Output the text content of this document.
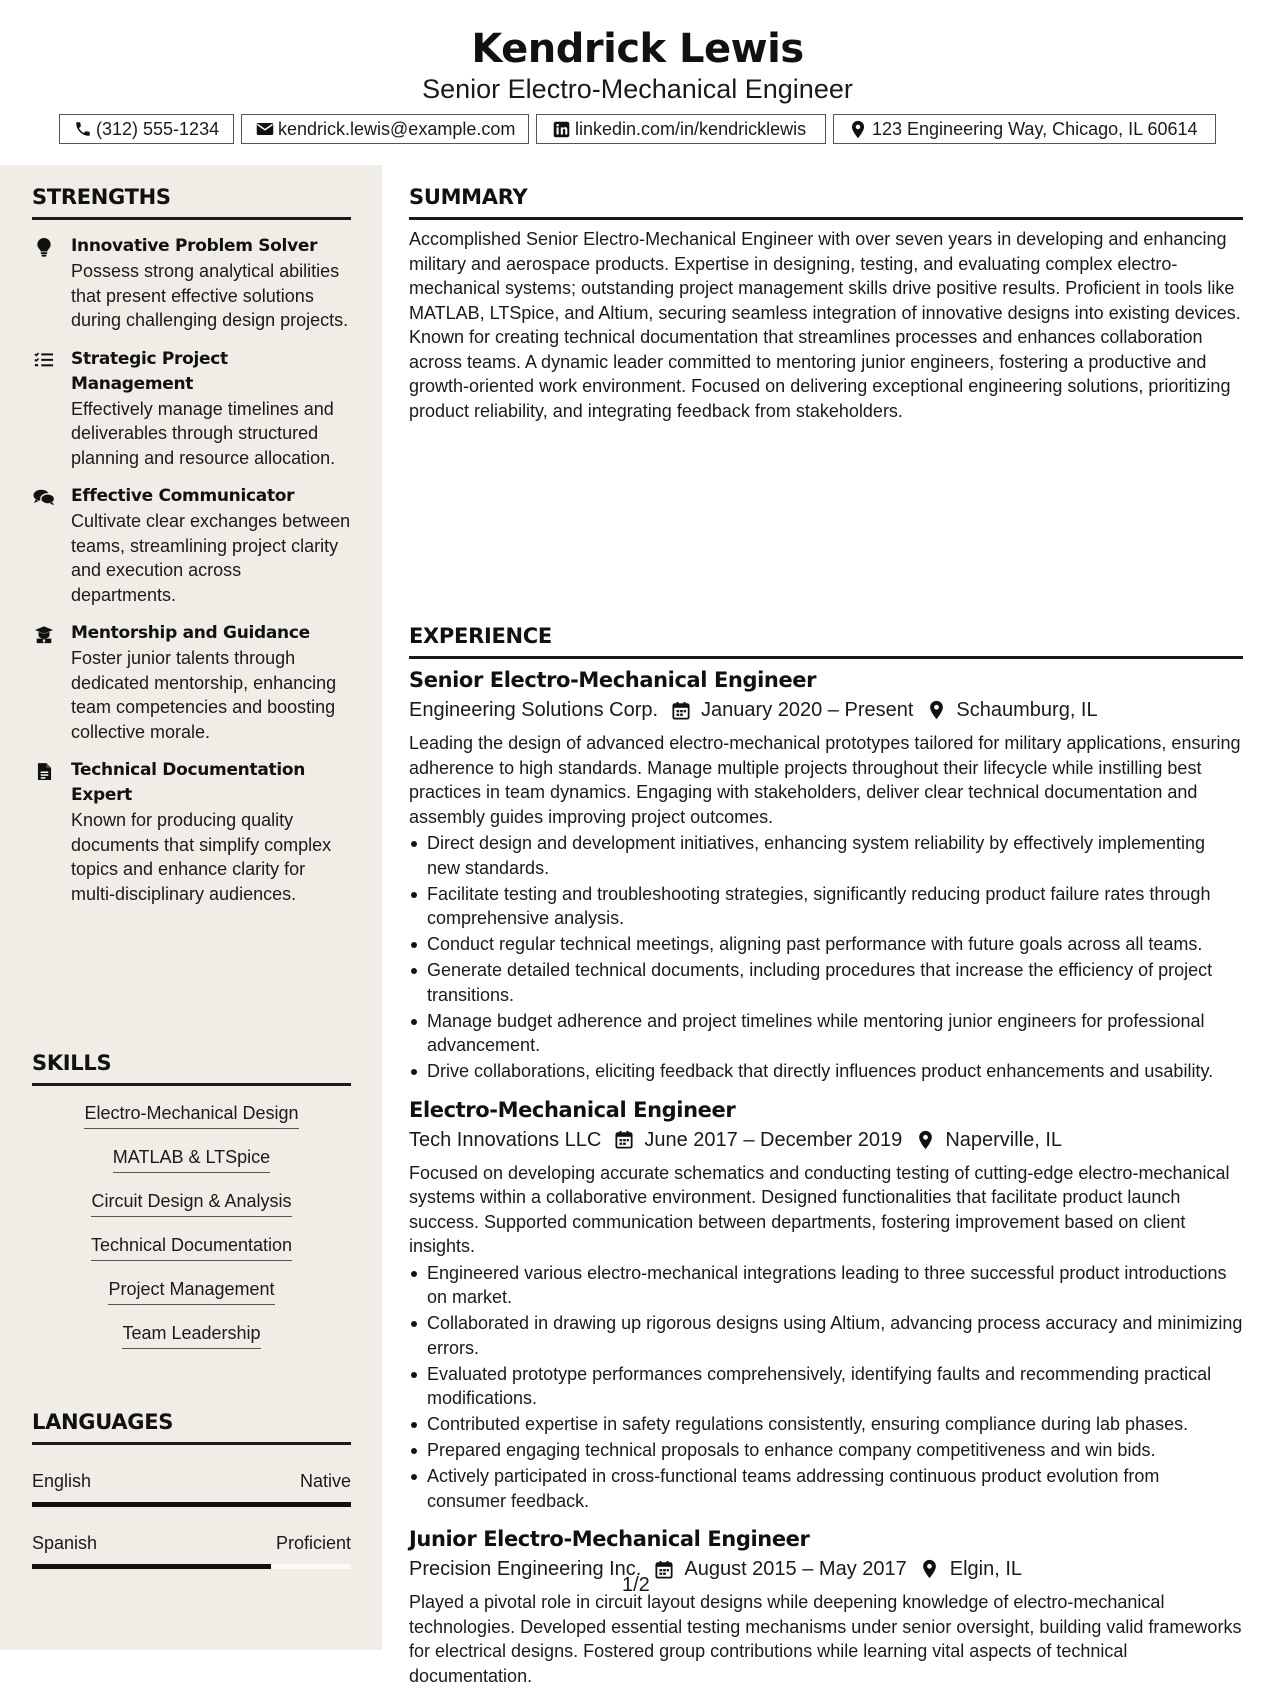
Kendrick Lewis
Senior Electro-Mechanical Engineer
(312) 555-1234	kendrick.lewis@example.com	linkedin.com/in/kendricklewis	123 Engineering Way, Chicago, IL 60614
STRENGTHS
Innovative Problem Solver
Possess strong analytical abilities that present effective solutions during challenging design projects.
Strategic Project Management
Effectively manage timelines and deliverables through structured planning and resource allocation.
Effective Communicator
Cultivate clear exchanges between teams, streamlining project clarity and execution across departments.
Mentorship and Guidance
Foster junior talents through dedicated mentorship, enhancing team competencies and boosting collective morale.
Technical Documentation Expert
Known for producing quality documents that simplify complex topics and enhance clarity for multi-disciplinary audiences.
SKILLS
Electro-Mechanical Design
MATLAB & LTSpice
Circuit Design & Analysis
Technical Documentation
Project Management
Team Leadership
LANGUAGES
English	Native
Spanish	Proficient
SUMMARY

Accomplished Senior Electro-Mechanical Engineer with over seven years in developing and enhancing military and aerospace products. Expertise in designing, testing, and evaluating complex electro-mechanical systems; outstanding project management skills drive positive results. Proficient in tools like MATLAB, LTSpice, and Altium, securing seamless integration of innovative designs into existing devices. Known for creating technical documentation that streamlines processes and enhances collaboration across teams. A dynamic leader committed to mentoring junior engineers, fostering a productive and growth-oriented work environment. Focused on delivering exceptional engineering solutions, prioritizing product reliability, and integrating feedback from stakeholders.

EXPERIENCE
Senior Electro-Mechanical Engineer
Engineering Solutions Corp. January 2020 – Present Schaumburg, IL
Leading the design of advanced electro-mechanical prototypes tailored for military applications, ensuring adherence to high standards. Manage multiple projects throughout their lifecycle while instilling best practices in team dynamics. Engaging with stakeholders, deliver clear technical documentation and assembly guides improving project outcomes.
Direct design and development initiatives, enhancing system reliability by effectively implementing new standards.
Facilitate testing and troubleshooting strategies, significantly reducing product failure rates through comprehensive analysis.
Conduct regular technical meetings, aligning past performance with future goals across all teams.
Generate detailed technical documents, including procedures that increase the efficiency of project transitions.
Manage budget adherence and project timelines while mentoring junior engineers for professional advancement.
Drive collaborations, eliciting feedback that directly influences product enhancements and usability.
Electro-Mechanical Engineer
Tech Innovations LLC June 2017 – December 2019 Naperville, IL
Focused on developing accurate schematics and conducting testing of cutting-edge electro-mechanical systems within a collaborative environment. Designed functionalities that facilitate product launch success. Supported communication between departments, fostering improvement based on client insights.
Engineered various electro-mechanical integrations leading to three successful product introductions on market.
Collaborated in drawing up rigorous designs using Altium, advancing process accuracy and minimizing errors.
Evaluated prototype performances comprehensively, identifying faults and recommending practical modifications.
Contributed expertise in safety regulations consistently, ensuring compliance during lab phases.
Prepared engaging technical proposals to enhance company competitiveness and win bids.
Actively participated in cross-functional teams addressing continuous product evolution from consumer feedback.
Junior Electro-Mechanical Engineer
Precision Engineering Inc. August 2015 – May 2017 Elgin, IL
Played a pivotal role in circuit layout designs while deepening knowledge of electro-mechanical technologies. Developed essential testing mechanisms under senior oversight, building valid frameworks for electrical designs. Fostered group contributions while learning vital aspects of technical documentation.
1/2
